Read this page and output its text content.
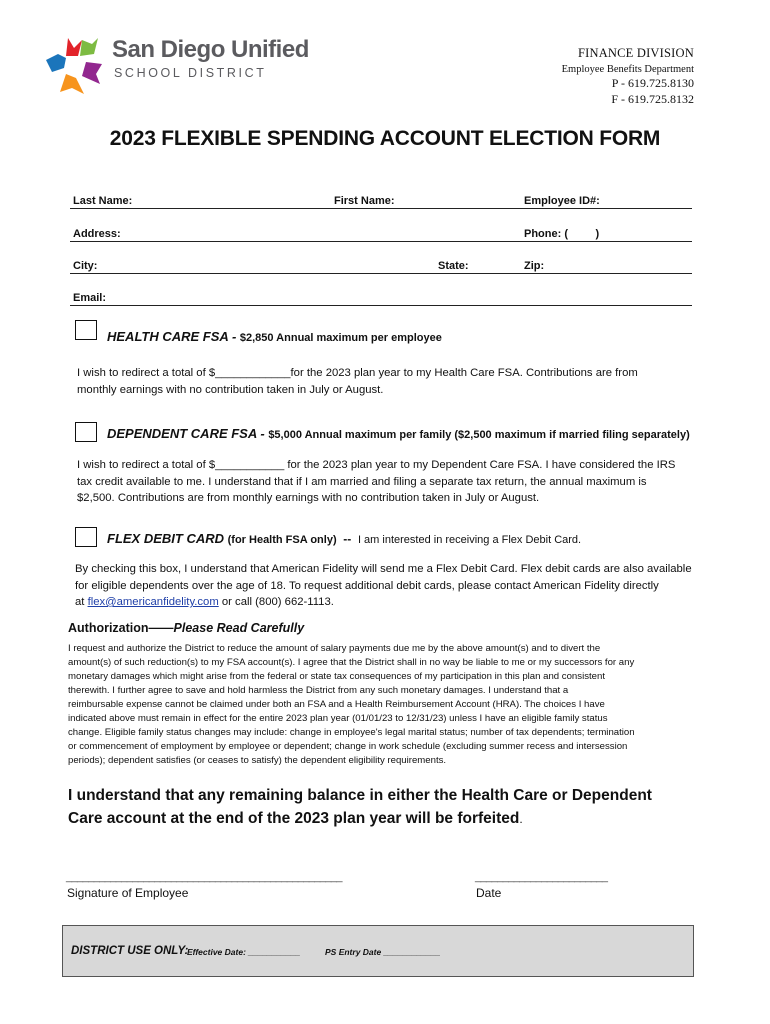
San Diego Unified
SCHOOL DISTRICT
FINANCE DIVISION
Employee Benefits Department
P - 619.725.8130
F - 619.725.8132
2023 FLEXIBLE SPENDING ACCOUNT ELECTION FORM
Last Name:	First Name:	Employee ID#:
Address:	Phone: (         )
City:	State:	Zip:
Email:
HEALTH CARE FSA - $2,850 Annual maximum per employee
I wish to redirect a total of $____________for the 2023 plan year to my Health Care FSA. Contributions are from
monthly earnings with no contribution taken in July or August.
DEPENDENT CARE FSA - $5,000 Annual maximum per family ($2,500 maximum if married filing separately)
I wish to redirect a total of $___________ for the 2023 plan year to my Dependent Care FSA. I have considered the IRS
tax credit available to me. I understand that if I am married and filing a separate tax return, the annual maximum is
$2,500. Contributions are from monthly earnings with no contribution taken in July or August.
FLEX DEBIT CARD (for Health FSA only)  --  I am interested in receiving a Flex Debit Card.
By checking this box, I understand that American Fidelity will send me a Flex Debit Card. Flex debit cards are also available
for eligible dependents over the age of 18. To request additional debit cards, please contact American Fidelity directly
at flex@americanfidelity.com or call (800) 662-1113.
Authorization——Please Read Carefully
I request and authorize the District to reduce the amount of salary payments due me by the above amount(s) and to divert the
amount(s) of such reduction(s) to my FSA account(s). I agree that the District shall in no way be liable to me or my successors for any
monetary damages which might arise from the federal or state tax consequences of my participation in this plan and consistent
therewith. I further agree to save and hold harmless the District from any such monetary damages. I understand that a
reimbursable expense cannot be claimed under both an FSA and a Health Reimbursement Account (HRA). The choices I have
indicated above must remain in effect for the entire 2023 plan year (01/01/23 to 12/31/23) unless I have an eligible family status
change. Eligible family status changes may include: change in employee's legal marital status; number of tax dependents; termination
or commencement of employment by employee or dependent; change in work schedule (excluding summer recess and intersession
periods); dependent satisfies (or ceases to satisfy) the dependent eligibility requirements.
I understand that any remaining balance in either the Health Care or Dependent
Care account at the end of the 2023 plan year will be forfeited.
__________________________________________________
Signature of Employee
________________________
Date
DISTRICT USE ONLY:
Effective Date: ___________	PS Entry Date ____________
